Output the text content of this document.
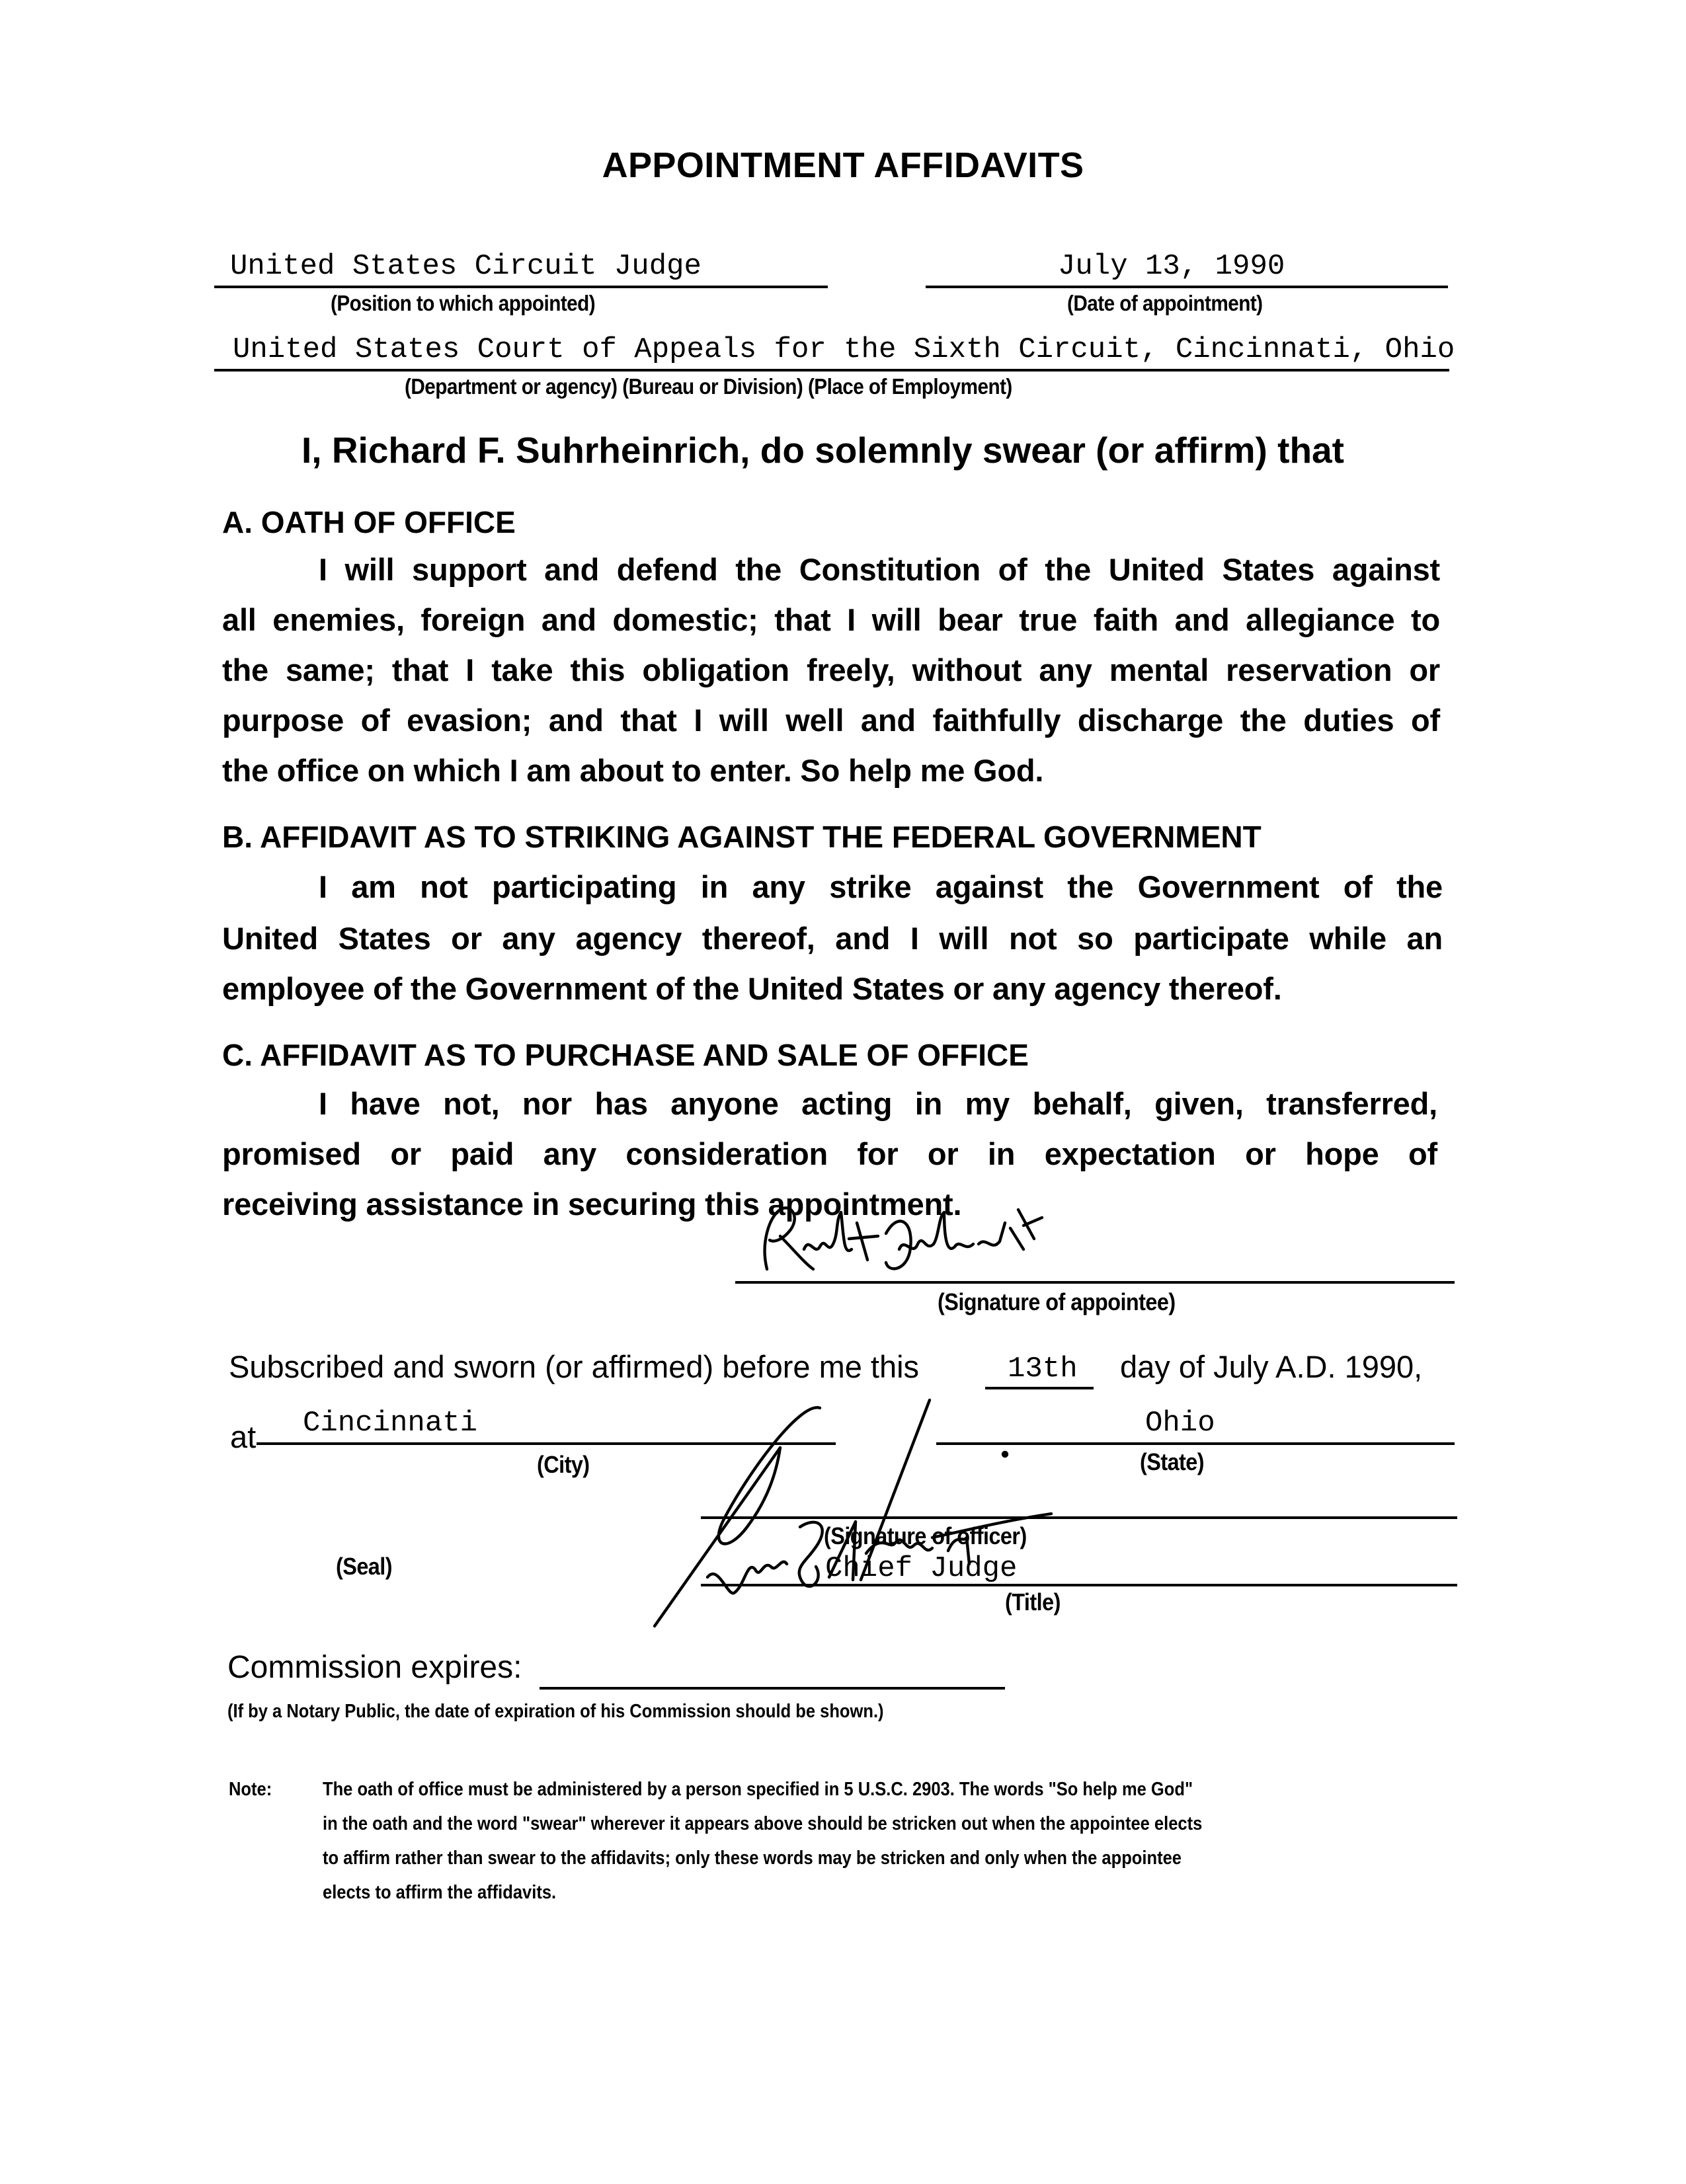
APPOINTMENT AFFIDAVITS
United States Circuit Judge
(Position to which appointed)
July 13, 1990
(Date of appointment)
United States Court of Appeals for the Sixth Circuit, Cincinnati, Ohio
(Department or agency) (Bureau or Division) (Place of Employment)
I, Richard F. Suhrheinrich, do solemnly swear (or affirm) that
A. OATH OF OFFICE
I will support and defend the Constitution of the United States against
all enemies, foreign and domestic; that I will bear true faith and allegiance to
the same; that I take this obligation freely, without any mental reservation or
purpose of evasion; and that I will well and faithfully discharge the duties of
the office on which I am about to enter. So help me God.
B. AFFIDAVIT AS TO STRIKING AGAINST THE FEDERAL GOVERNMENT
I am not participating in any strike against the Government of the
United States or any agency thereof, and I will not so participate while an
employee of the Government of the United States or any agency thereof.
C. AFFIDAVIT AS TO PURCHASE AND SALE OF OFFICE
I have not, nor has anyone acting in my behalf, given, transferred,
promised or paid any consideration for or in expectation or hope of
receiving assistance in securing this appointment.
(Signature of appointee)
Subscribed and sworn (or affirmed) before me this	13th	day of July A.D. 1990,
at	Cincinnati
(City)
Ohio
(State)
(Seal)
(Signature of officer)
Chief Judge
(Title)
Commission expires:
(If by a Notary Public, the date of expiration of his Commission should be shown.)
Note:	The oath of office must be administered by a person specified in 5 U.S.C. 2903. The words "So help me God"
in the oath and the word "swear" wherever it appears above should be stricken out when the appointee elects
to affirm rather than swear to the affidavits; only these words may be stricken and only when the appointee
elects to affirm the affidavits.
